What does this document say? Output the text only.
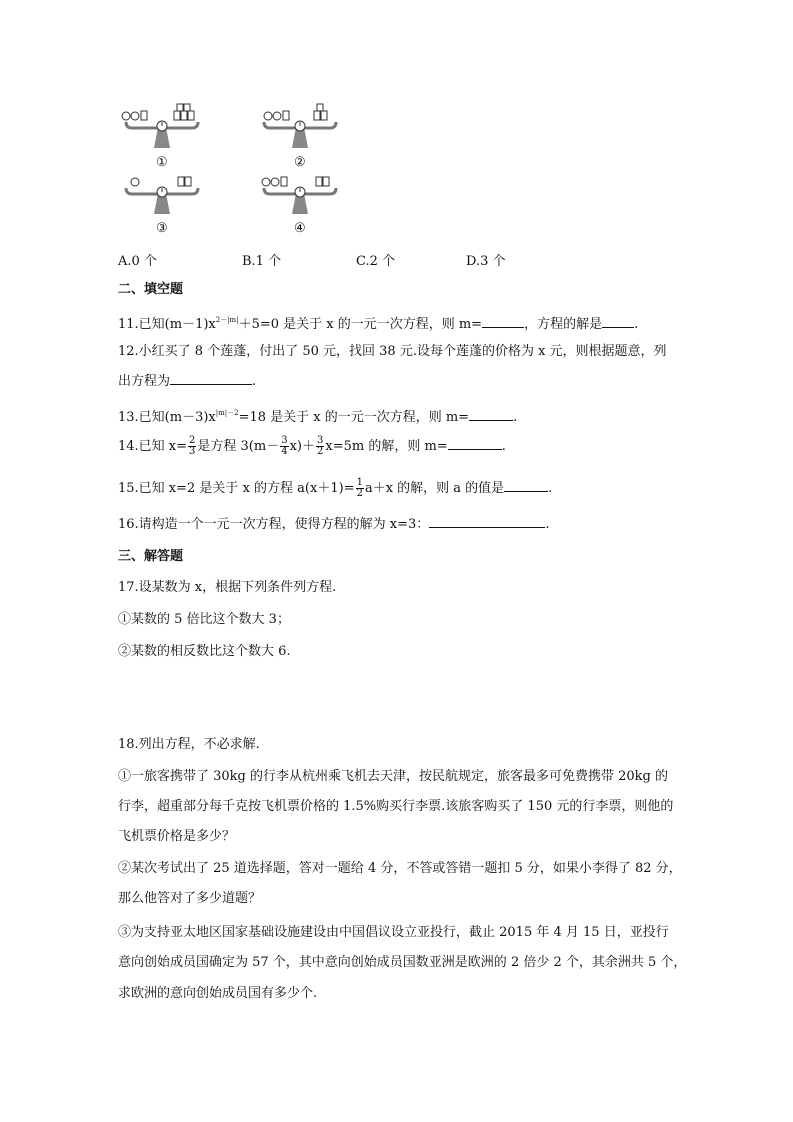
①	②
③	④
A.0 个	B.1 个	C.2 个	D.3 个
二、填空题
11.已知$(m-1)x^{2-|m|}+5=0$ 是关于 x 的一元一次方程，则 m=	，方程的解是 .
12.小红买了 8 个莲蓬，付出了 50 元，找回 38 元.设每个莲蓬的价格为 x 元，则根据题意，列
出方程为	.
13.已知$(m-3)x^{|m|-2}=18$ 是关于 x 的一元一次方程，则 m=	.
14.已知 $x= \frac{2}{3}$ 是方程 $3(m- \frac{3}{4} x)+ \frac{3}{2} x=5m$ 的解，则 m=	.
15.已知 x=2 是关于 x 的方程 $a(x+1)= \frac{1}{2} a+x$ 的解，则 a 的值是	.
16.请构造一个一元一次方程，使得方程的解为 x=3：	.
三、解答题
17.设某数为 x，根据下列条件列方程.
①某数的 5 倍比这个数大 3；
②某数的相反数比这个数大 6.
18.列出方程，不必求解.
①一旅客携带了 30kg 的行李从杭州乘飞机去天津，按民航规定，旅客最多可免费携带 20kg 的
行李，超重部分每千克按飞机票价格的 1.5%购买行李票.该旅客购买了 150 元的行李票，则他的
飞机票价格是多少？
②某次考试出了 25 道选择题，答对一题给 4 分，不答或答错一题扣 5 分，如果小李得了 82 分，
那么他答对了多少道题？
③为支持亚太地区国家基础设施建设由中国倡议设立亚投行，截止 2015 年 4 月 15 日，亚投行
意向创始成员国确定为 57 个，其中意向创始成员国数亚洲是欧洲的 2 倍少 2 个，其余洲共 5 个，
求欧洲的意向创始成员国有多少个.
